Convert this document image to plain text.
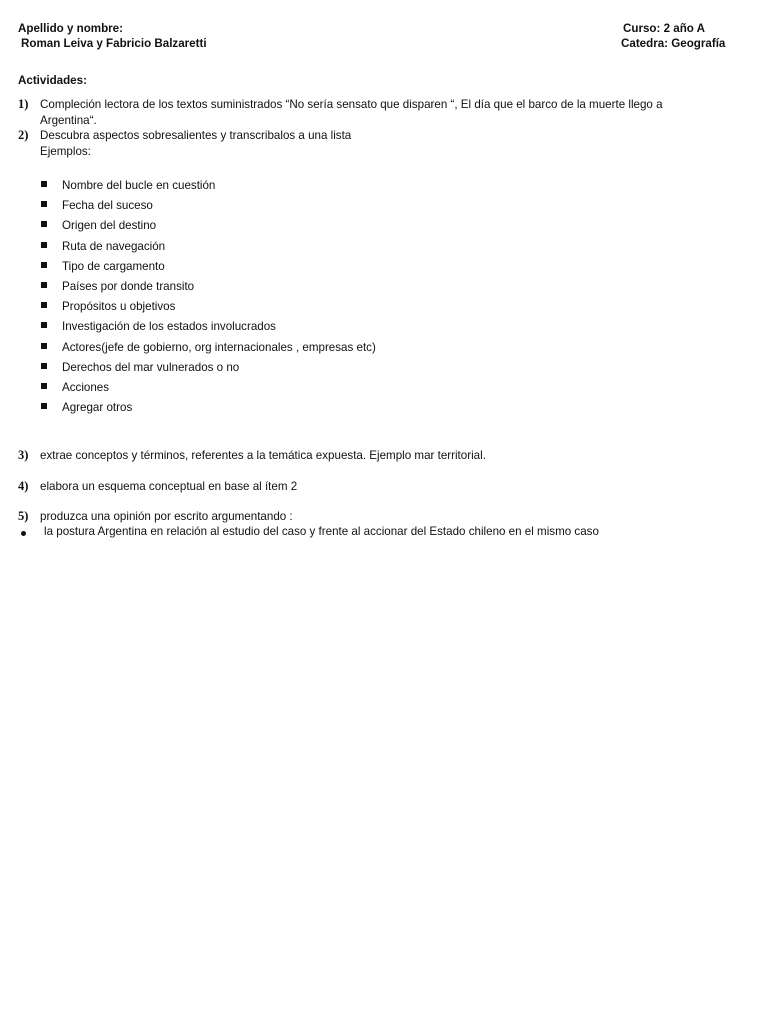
Apellido y nombre:
Roman Leiva y Fabricio Balzaretti
Curso: 2 año A
Catedra: Geografía
Actividades:
1) Compleción lectora de los textos suministrados “No sería sensato que disparen “, El día que el barco de la muerte llego a
Argentina“.
2) Descubra aspectos sobresalientes y transcribalos a una lista
Ejemplos:
Nombre del bucle en cuestión
Fecha del suceso
Origen del destino
Ruta de navegación
Tipo de cargamento
Países por donde transito
Propósitos u objetivos
Investigación de los estados involucrados
Actores(jefe de gobierno, org internacionales , empresas etc)
Derechos del mar vulnerados o no
Acciones
Agregar otros
3) extrae conceptos y términos, referentes a la temática expuesta. Ejemplo mar territorial.
4) elabora un esquema conceptual en base al ítem 2
5) produzca una opinión por escrito argumentando :
la postura Argentina en relación al estudio del caso y frente al accionar del Estado chileno en el mismo caso
